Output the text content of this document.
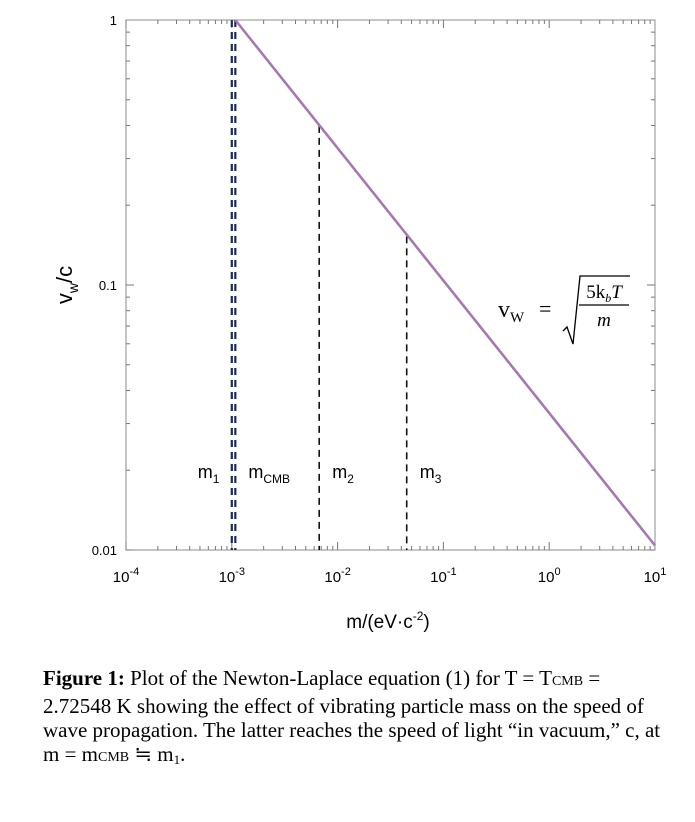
$10^{-4}$	$10^{-3}$	$10^{-2}$	$10^{-1}$	$10^0$	$10^1$
0.01
0.1
1
$m_1$ $m_{CMB}$ $m_2$	$m_3$
$m/(eV\cdot c^{-2})$
$v_w/c$
$v_W$ =
$5k_bT$
m
Figure 1: Plot of the Newton-Laplace equation (1) for T = TCMB = 2.72548 K showing the effect of vibrating particle mass on the speed of wave propagation. The latter reaches the speed of light “in vacuum,” c, at m = mCMB ≒ m1.
